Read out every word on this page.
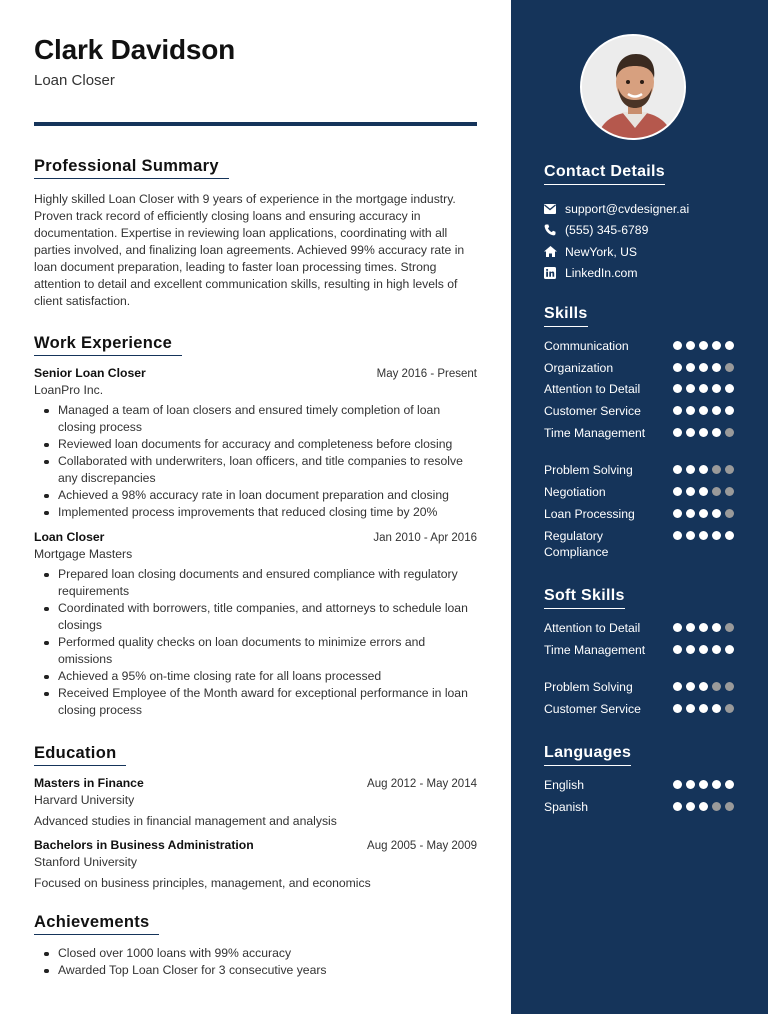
Clark Davidson
Loan Closer
Professional Summary

Highly skilled Loan Closer with 9 years of experience in the mortgage industry. Proven track record of efficiently closing loans and ensuring accuracy in documentation. Expertise in reviewing loan applications, coordinating with all parties involved, and finalizing loan agreements. Achieved 99% accuracy rate in loan document preparation, leading to faster loan processing times. Strong attention to detail and excellent communication skills, resulting in high levels of client satisfaction.

Work Experience
Senior Loan Closer	May 2016 - Present
LoanPro Inc.
Managed a team of loan closers and ensured timely completion of loan closing process
Reviewed loan documents for accuracy and completeness before closing
Collaborated with underwriters, loan officers, and title companies to resolve any discrepancies
Achieved a 98% accuracy rate in loan document preparation and closing
Implemented process improvements that reduced closing time by 20%
Loan Closer	Jan 2010 - Apr 2016
Mortgage Masters
Prepared loan closing documents and ensured compliance with regulatory requirements
Coordinated with borrowers, title companies, and attorneys to schedule loan closings
Performed quality checks on loan documents to minimize errors and omissions
Achieved a 95% on-time closing rate for all loans processed
Received Employee of the Month award for exceptional performance in loan closing process
Education
Masters in Finance	Aug 2012 - May 2014
Harvard University
Advanced studies in financial management and analysis
Bachelors in Business Administration	Aug 2005 - May 2009
Stanford University
Focused on business principles, management, and economics
Achievements
Closed over 1000 loans with 99% accuracy
Awarded Top Loan Closer for 3 consecutive years
Contact Details
support@cvdesigner.ai
(555) 345-6789
NewYork, US
LinkedIn.com
Skills
Communication
Organization
Attention to Detail
Customer Service
Time Management
Problem Solving
Negotiation
Loan Processing
Regulatory Compliance
Soft Skills
Attention to Detail
Time Management
Problem Solving
Customer Service
Languages
English
Spanish
